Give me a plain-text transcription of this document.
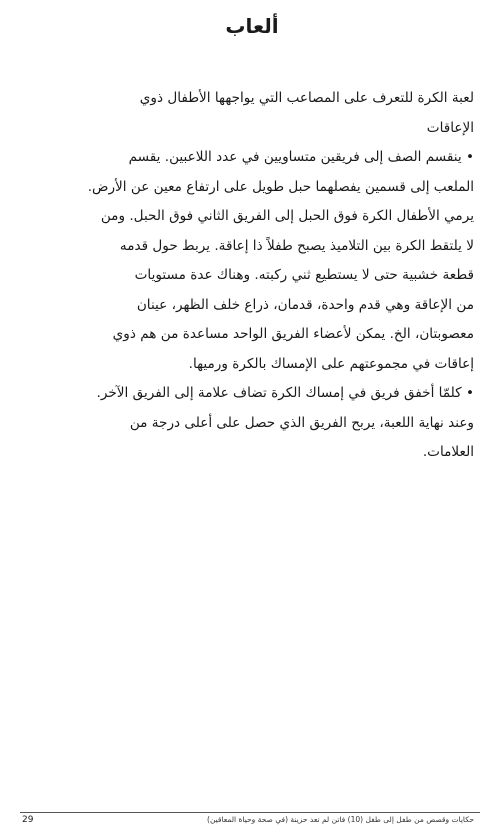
ألعاب
لعبة الكرة للتعرف على المصاعب التي يواجهها الأطفال ذوي
الإعاقات
• ينقسم الصف إلى فريقين متساويين في عدد اللاعبين. يقسم
الملعب إلى قسمين يفصلهما حبل طويل على ارتفاع معين عن الأرض.
يرمي الأطفال الكرة فوق الحبل إلى الفريق الثاني فوق الحبل. ومن
لا يلتقط الكرة بين التلاميذ يصبح طفلاً ذا إعاقة. يربط حول قدمه
قطعة خشبية حتى لا يستطيع ثني ركبته. وهناك عدة مستويات
من الإعاقة وهي قدم واحدة، قدمان، ذراع خلف الظهر، عينان
معصوبتان، الخ. يمكن لأعضاء الفريق الواحد مساعدة من هم ذوي
إعاقات في مجموعتهم على الإمساك بالكرة ورميها.
• كلمّا أخفق فريق في إمساك الكرة تضاف علامة إلى الفريق الآخر.
وعند نهاية اللعبة، يربح الفريق الذي حصل على أعلى درجة من
العلامات.
29	حكايات وقصص من طفل إلى طفل (10) فاتن لم تعد حزينة (في صحة وحياة المعاقين)
